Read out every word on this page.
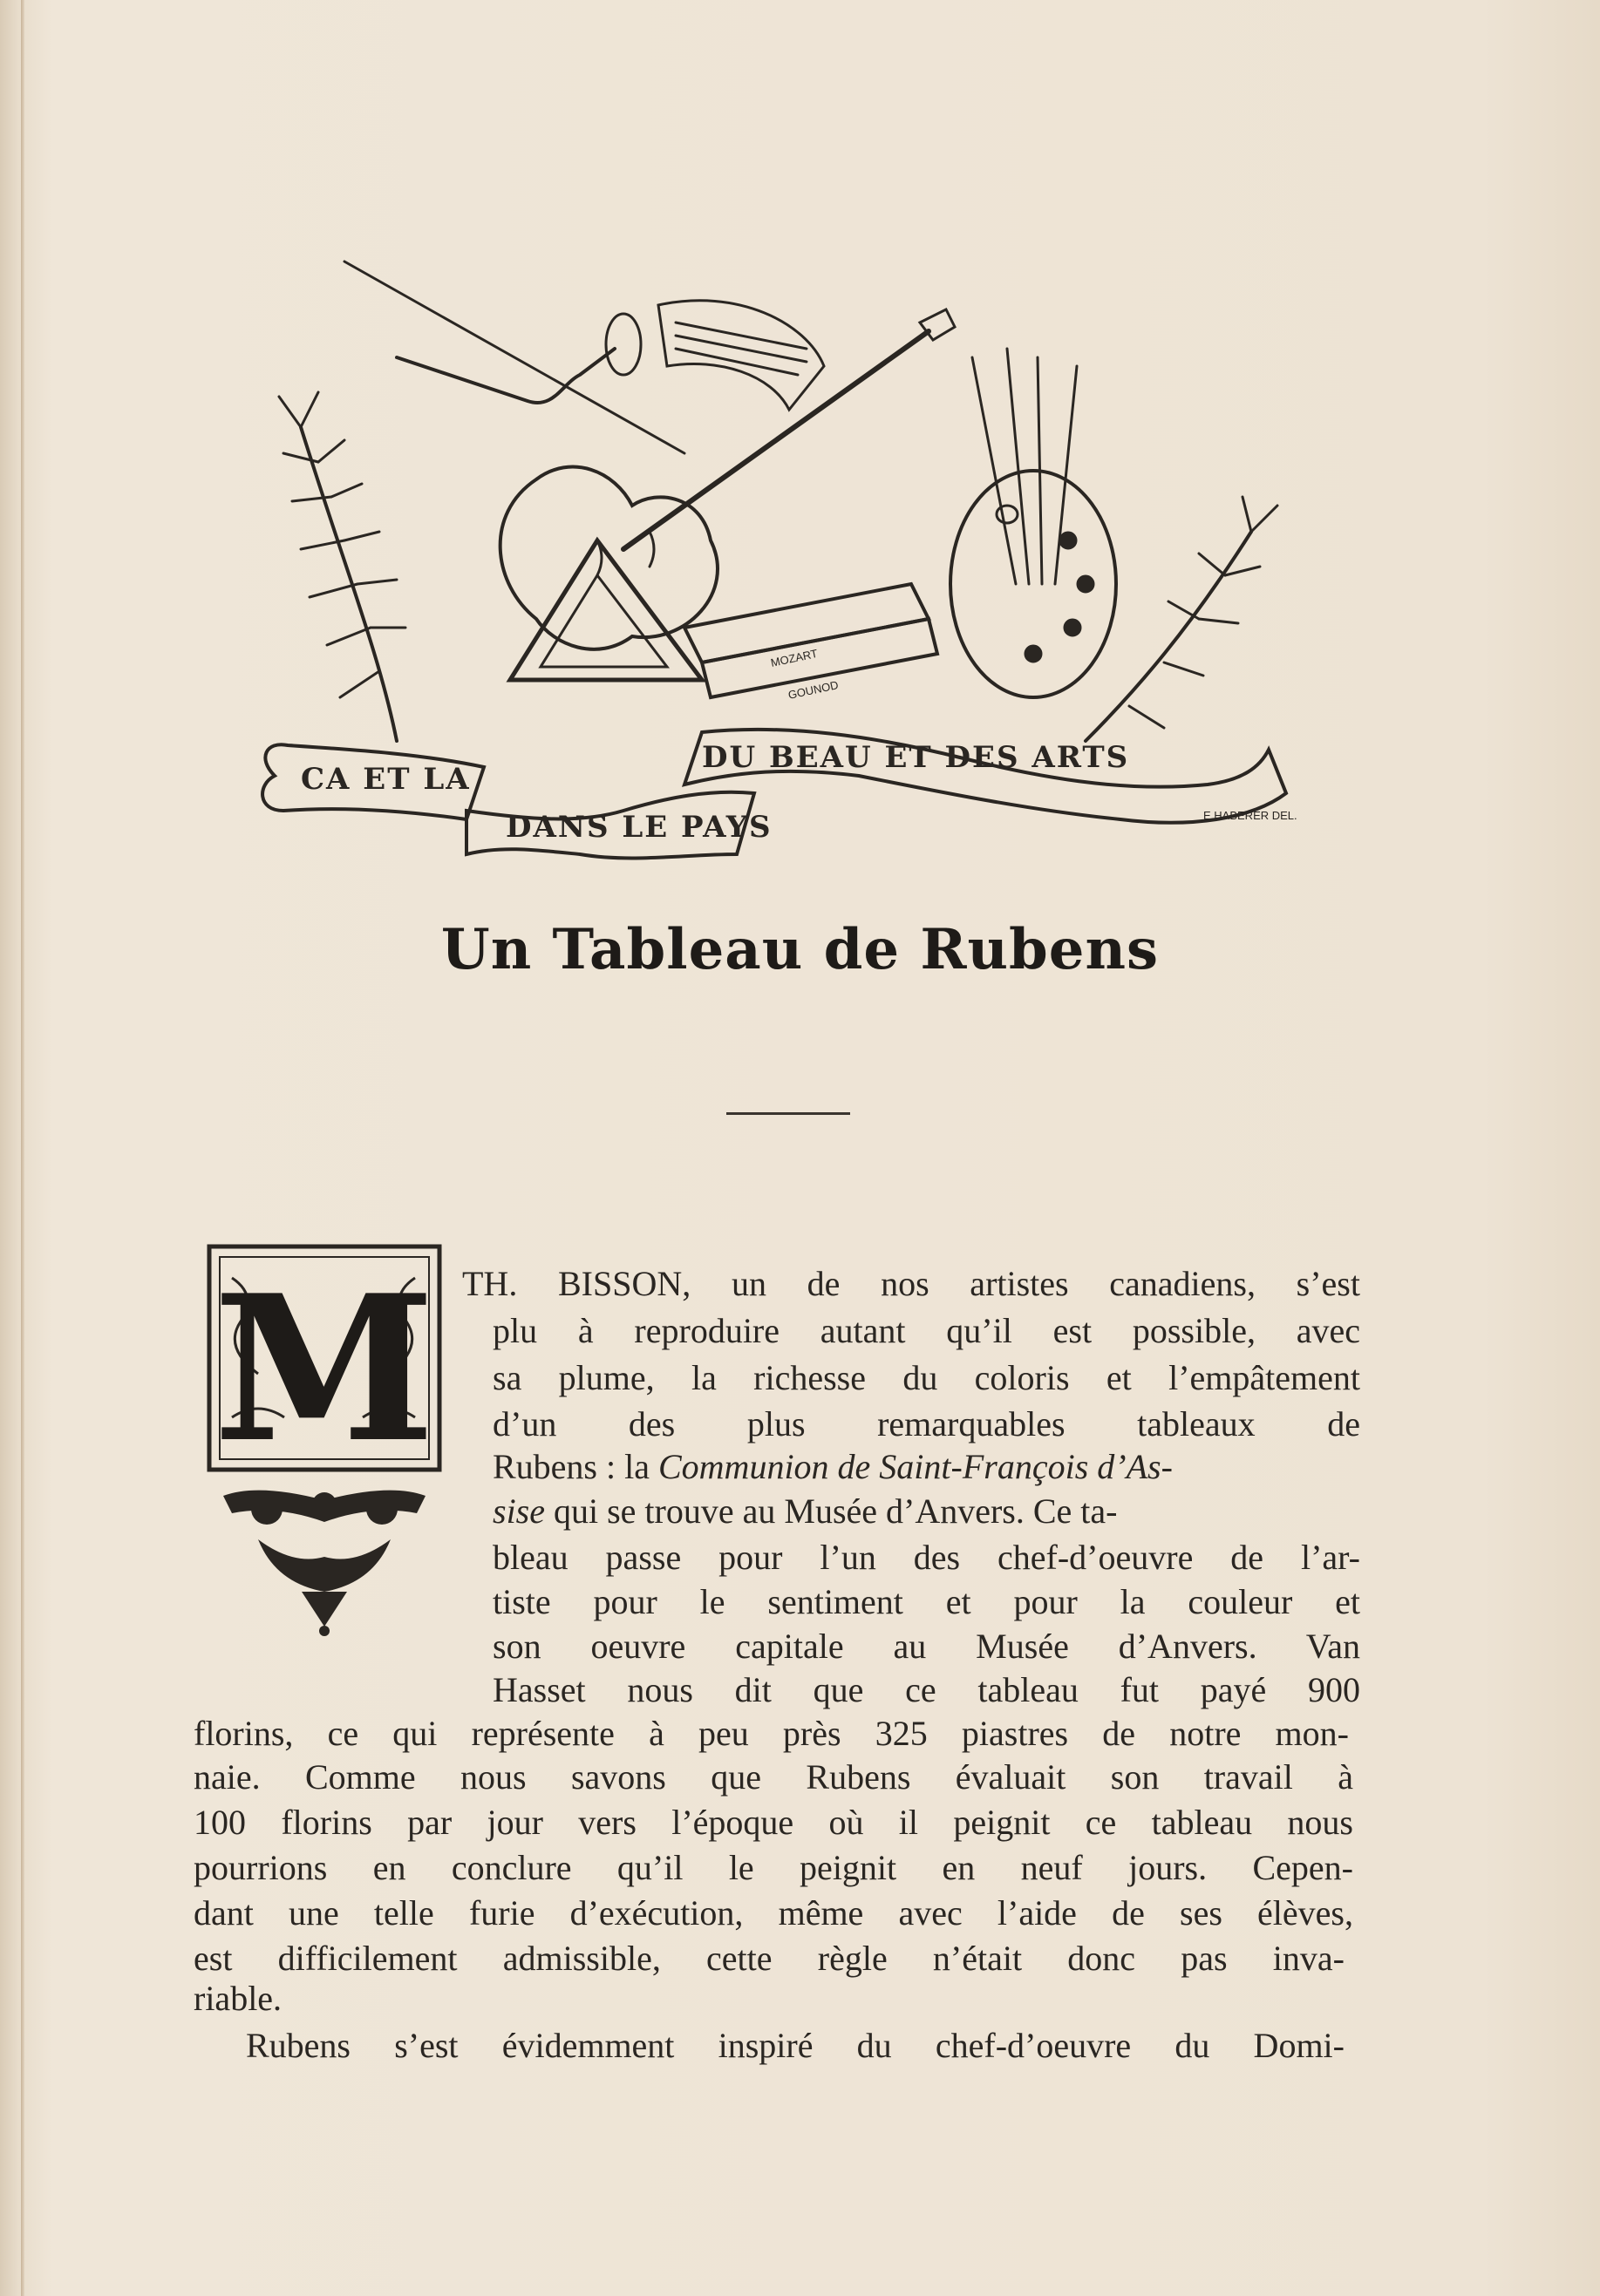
CA ET LA
DANS LE PAYS
DU BEAU ET DES ARTS
E.HABERER DEL.
MOZART
GOUNOD
Un Tableau de Rubens
M TH. BISSON, un de nos artistes canadiens, s’est
plu à reproduire autant qu’il est possible, avec
sa plume, la richesse du coloris et l’empâtement
d’un des plus remarquables tableaux de
Rubens : la Communion de Saint-François d’As-
sise qui se trouve au Musée d’Anvers. Ce ta-
bleau passe pour l’un des chef-d’oeuvre de l’ar-
tiste pour le sentiment et pour la couleur et
son oeuvre capitale au Musée d’Anvers. Van
Hasset nous dit que ce tableau fut payé 900
florins, ce qui représente à peu près 325 piastres de notre mon-
naie. Comme nous savons que Rubens évaluait son travail à
100 florins par jour vers l’époque où il peignit ce tableau nous
pourrions en conclure qu’il le peignit en neuf jours. Cepen-
dant une telle furie d’exécution, même avec l’aide de ses élèves,
est difficilement admissible, cette règle n’était donc pas inva-
riable.
Rubens s’est évidemment inspiré du chef-d’oeuvre du Domi-
